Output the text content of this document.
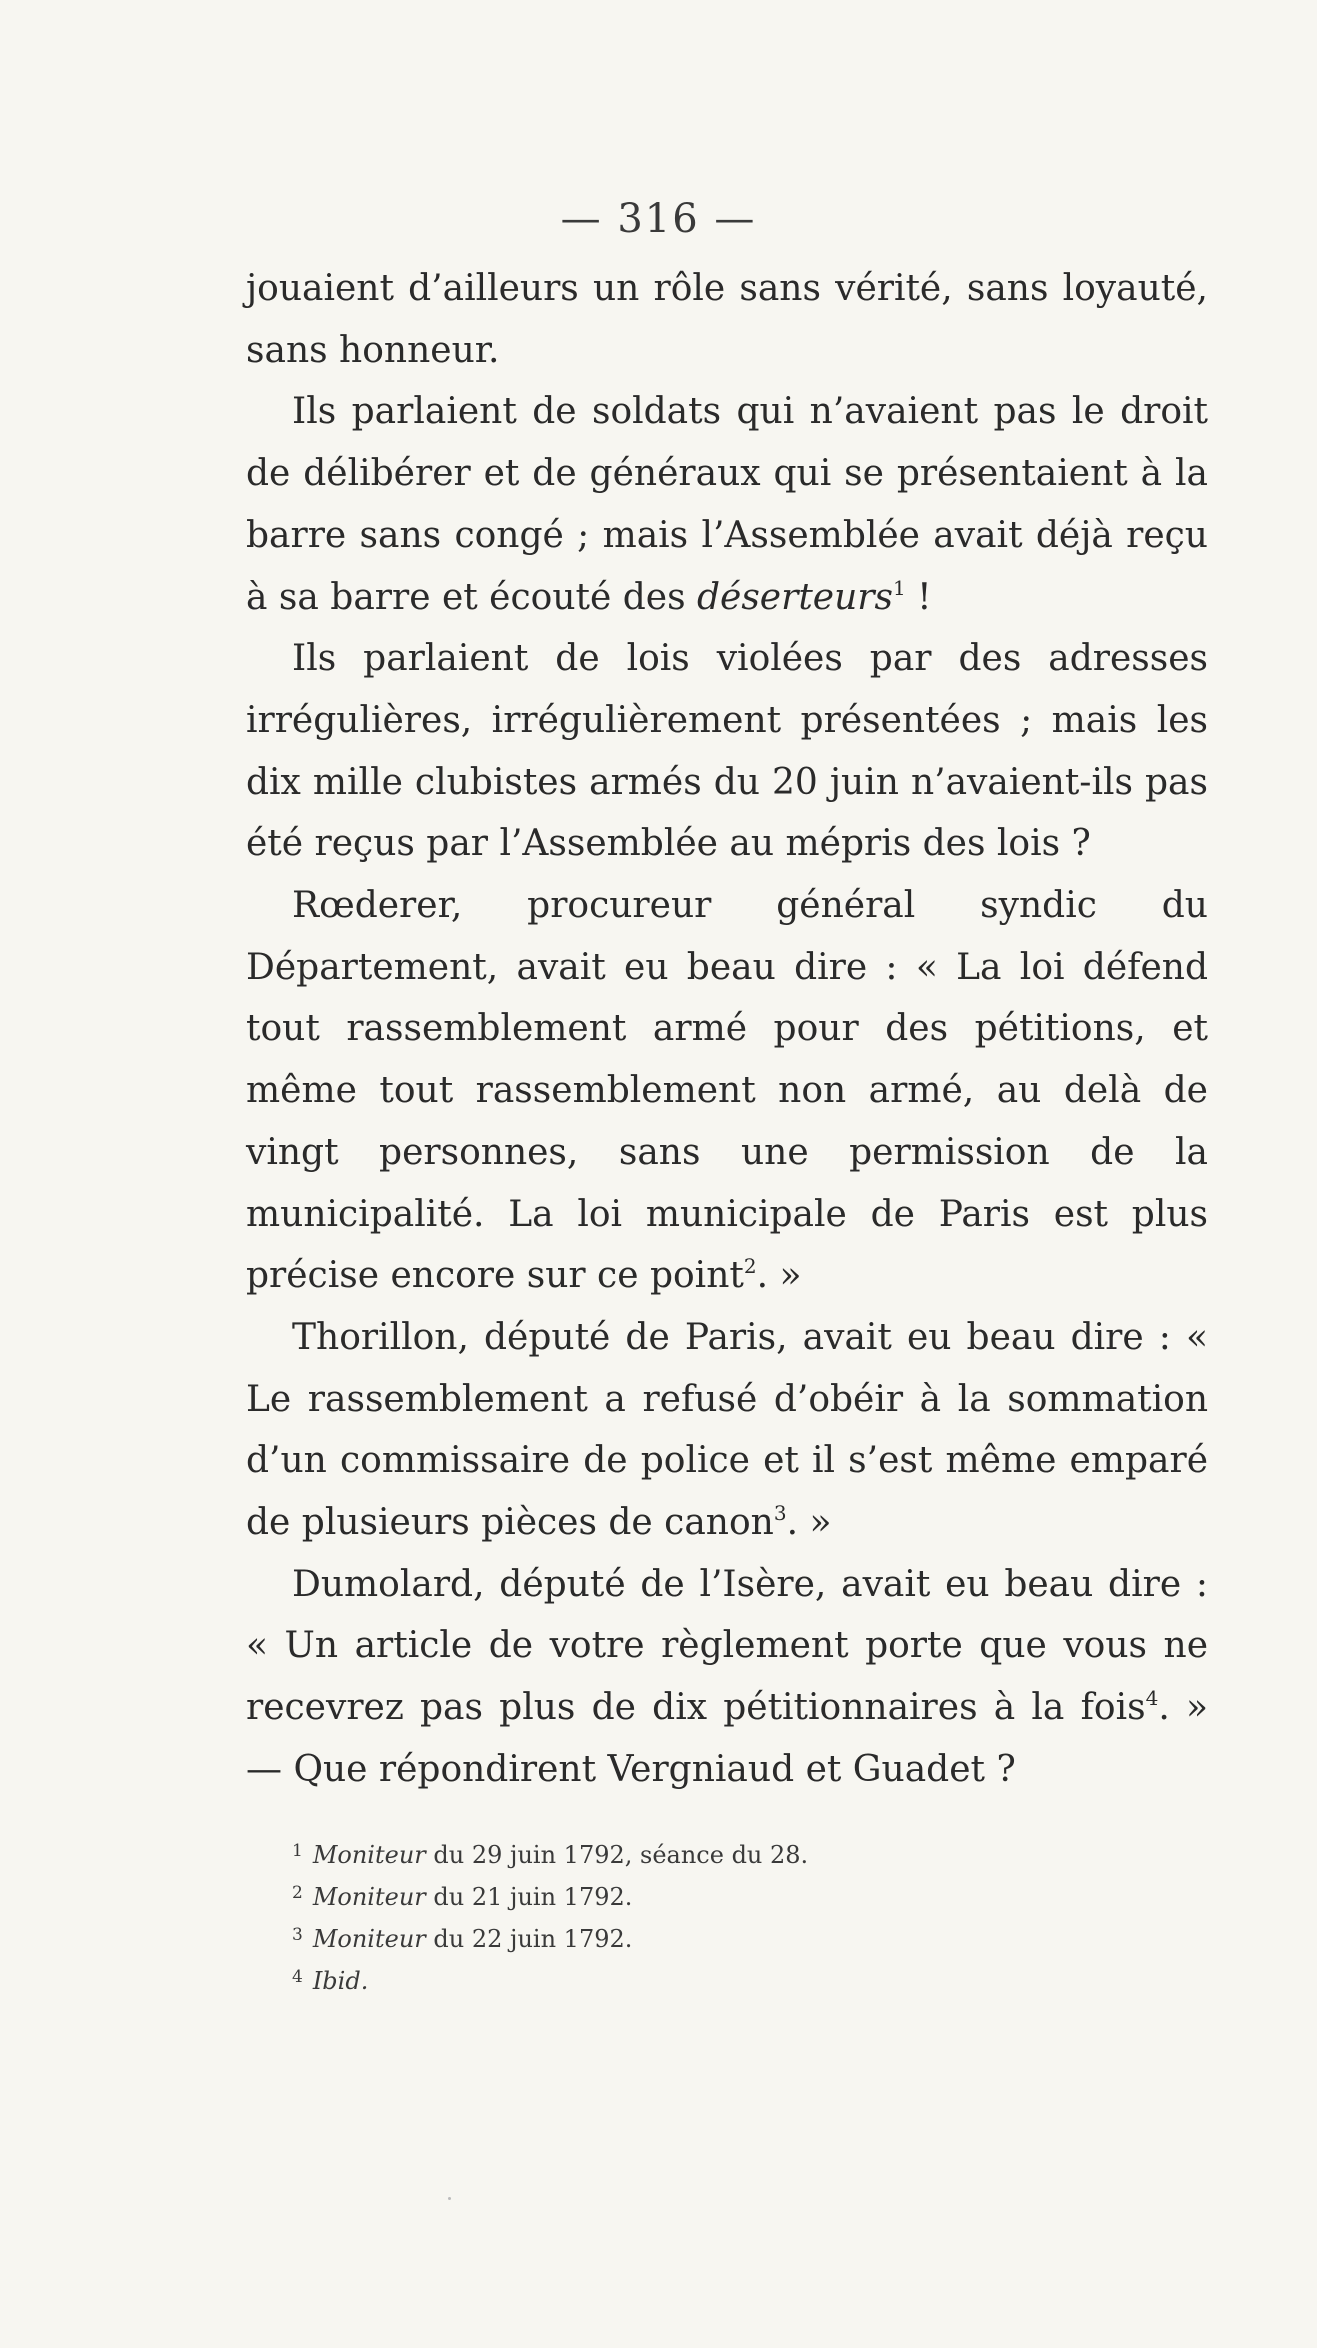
— 316 —

jouaient d’ailleurs un rôle sans vérité, sans loyauté, sans honneur.

Ils parlaient de soldats qui n’avaient pas le droit de délibérer et de généraux qui se présentaient à la barre sans congé ; mais l’Assemblée avait déjà reçu à sa barre et écouté des déserteurs$^1$ !

Ils parlaient de lois violées par des adresses irrégulières, irrégulièrement présentées ; mais les dix mille clubistes armés du 20 juin n’avaient-ils pas été reçus par l’Assemblée au mépris des lois ?

Rœderer, procureur général syndic du Département, avait eu beau dire : « La loi défend tout rassemblement armé pour des pétitions, et même tout rassemblement non armé, au delà de vingt personnes, sans une permission de la municipalité. La loi municipale de Paris est plus précise encore sur ce point$^2$. »

Thorillon, député de Paris, avait eu beau dire : « Le rassemblement a refusé d’obéir à la sommation d’un commissaire de police et il s’est même emparé de plusieurs pièces de canon$^3$. »

Dumolard, député de l’Isère, avait eu beau dire : « Un article de votre règlement porte que vous ne recevrez pas plus de dix pétitionnaires à la fois$^4$. » — Que répondirent Vergniaud et Guadet ?

$^1$ Moniteur du 29 juin 1792, séance du 28.
$^2$ Moniteur du 21 juin 1792.
$^3$ Moniteur du 22 juin 1792.
$^4$ Ibid.
